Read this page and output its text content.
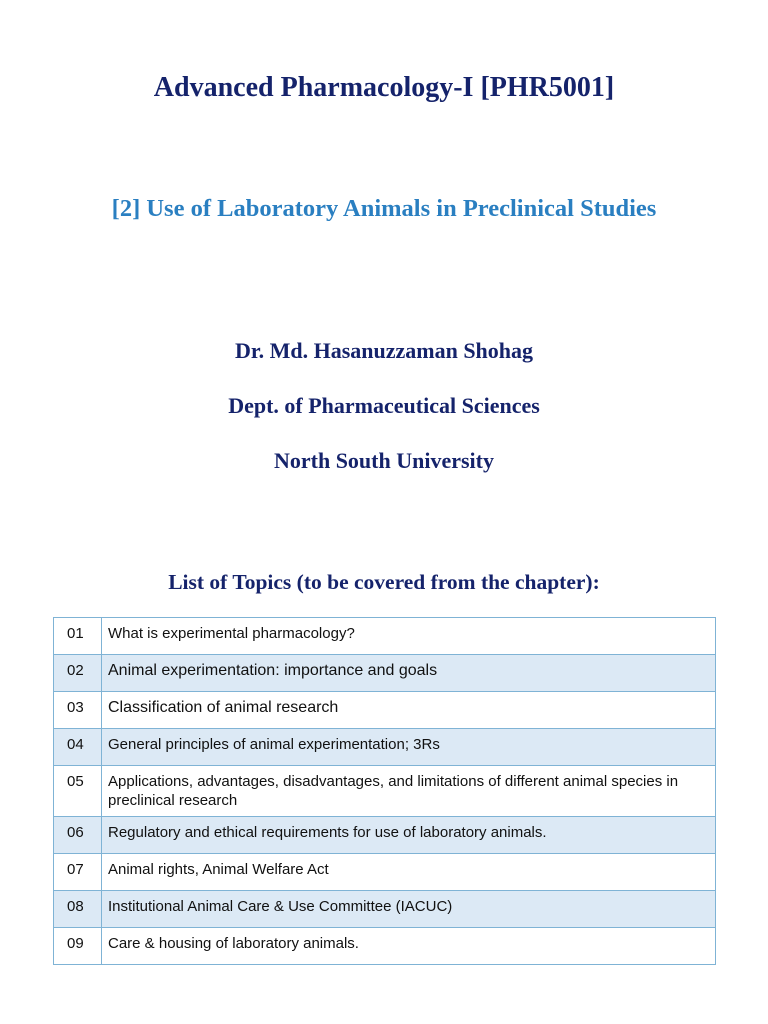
Advanced Pharmacology-I [PHR5001]
[2] Use of Laboratory Animals in Preclinical Studies
Dr. Md. Hasanuzzaman Shohag
Dept. of Pharmaceutical Sciences
North South University
List of Topics (to be covered from the chapter):
01	What is experimental pharmacology?
02	Animal experimentation: importance and goals
03	Classification of animal research
04	General principles of animal experimentation; 3Rs
05	Applications, advantages, disadvantages, and limitations of different animal species in preclinical research
06	Regulatory and ethical requirements for use of laboratory animals.
07	Animal rights, Animal Welfare Act
08	Institutional Animal Care & Use Committee (IACUC)
09	Care & housing of laboratory animals.
